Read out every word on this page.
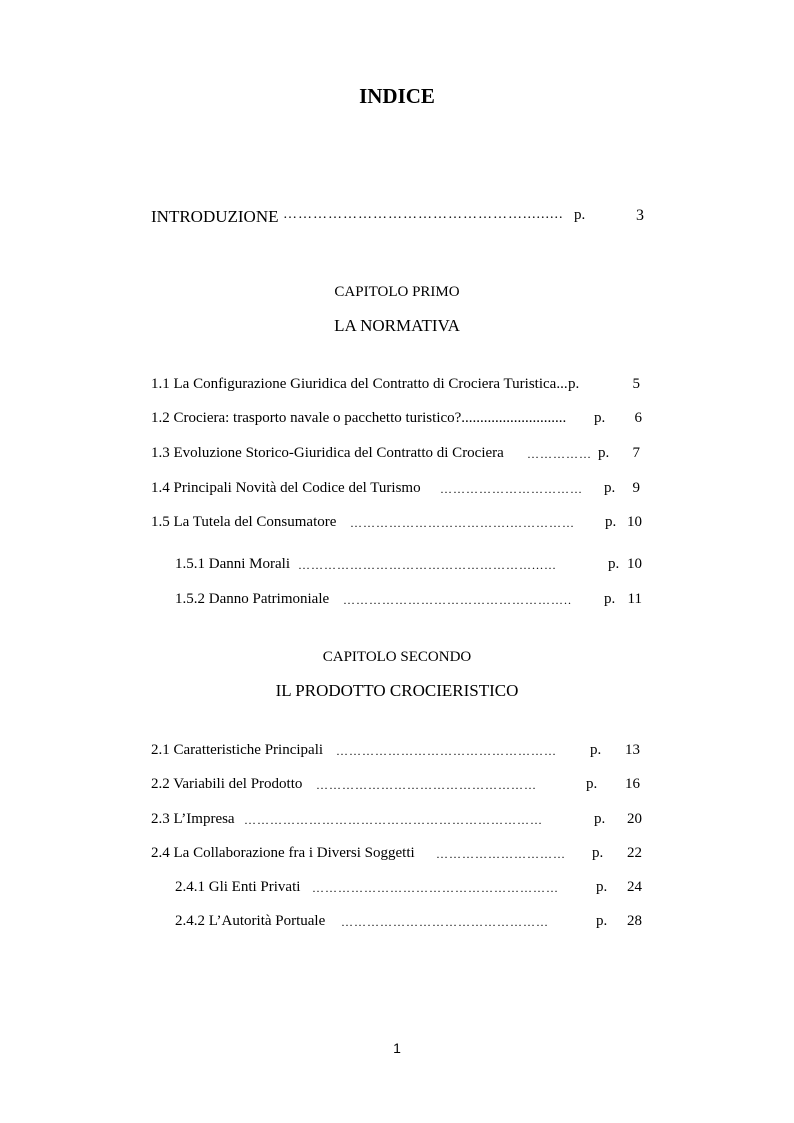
INDICE
INTRODUZIONE …………………………………………......... p.	3
CAPITOLO PRIMO
LA NORMATIVA
1.1 La Configurazione Giuridica del Contratto di Crociera Turistica... p.	5
1.2 Crociera: trasporto navale o pacchetto turistico?............................ p.	6
1.3 Evoluzione Storico-Giuridica del Contratto di Crociera …………… p.	7
1.4 Principali Novità del Codice del Turismo …………………………… p.	9
1.5 La Tutela del Consumatore ……………………………….…………… p. 10
1.5.1 Danni Morali ………………………………………………...…	p. 10
1.5.2 Danno Patrimoniale …………………………………………….. p. 11
CAPITOLO SECONDO
IL PRODOTTO CROCIERISTICO
2.1 Caratteristiche Principali …………………………………………… p.	13
2.2 Variabili del Prodotto ……………………………………………	p.	16
2.3 L’Impresa ……………………………………………………………	p.	20
2.4 La Collaborazione fra i Diversi Soggetti ………………………… p.	22
2.4.1 Gli Enti Privati ………………………………………………… p.	24
2.4.2 L’Autorità Portuale …………………………………………	p.	28
1
